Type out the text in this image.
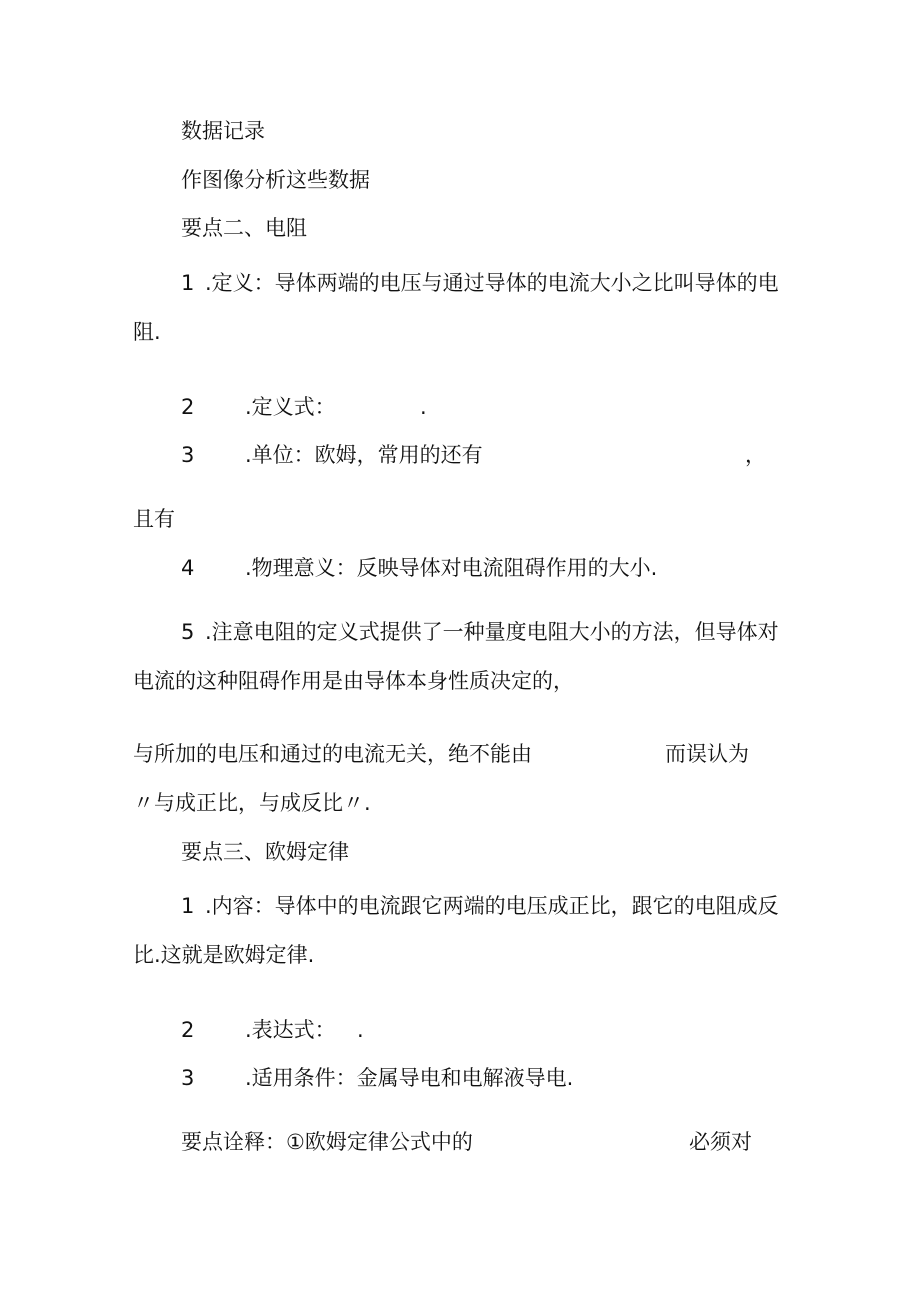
数据记录
作图像分析这些数据
要点二、电阻
1 .定义：导体两端的电压与通过导体的电流大小之比叫导体的电
阻.
2 .定义式：	.
3 .单位：欧姆，常用的还有	，
且有
4 .物理意义：反映导体对电流阻碍作用的大小.
5 .注意电阻的定义式提供了一种量度电阻大小的方法，但导体对
电流的这种阻碍作用是由导体本身性质决定的，
与所加的电压和通过的电流无关，绝不能由	而误认为
〃与成正比，与成反比〃.
要点三、欧姆定律
1 .内容：导体中的电流跟它两端的电压成正比，跟它的电阻成反
比.这就是欧姆定律.
2 .表达式： .
3 .适用条件：金属导电和电解液导电.
要点诠释：①欧姆定律公式中的	必须对
